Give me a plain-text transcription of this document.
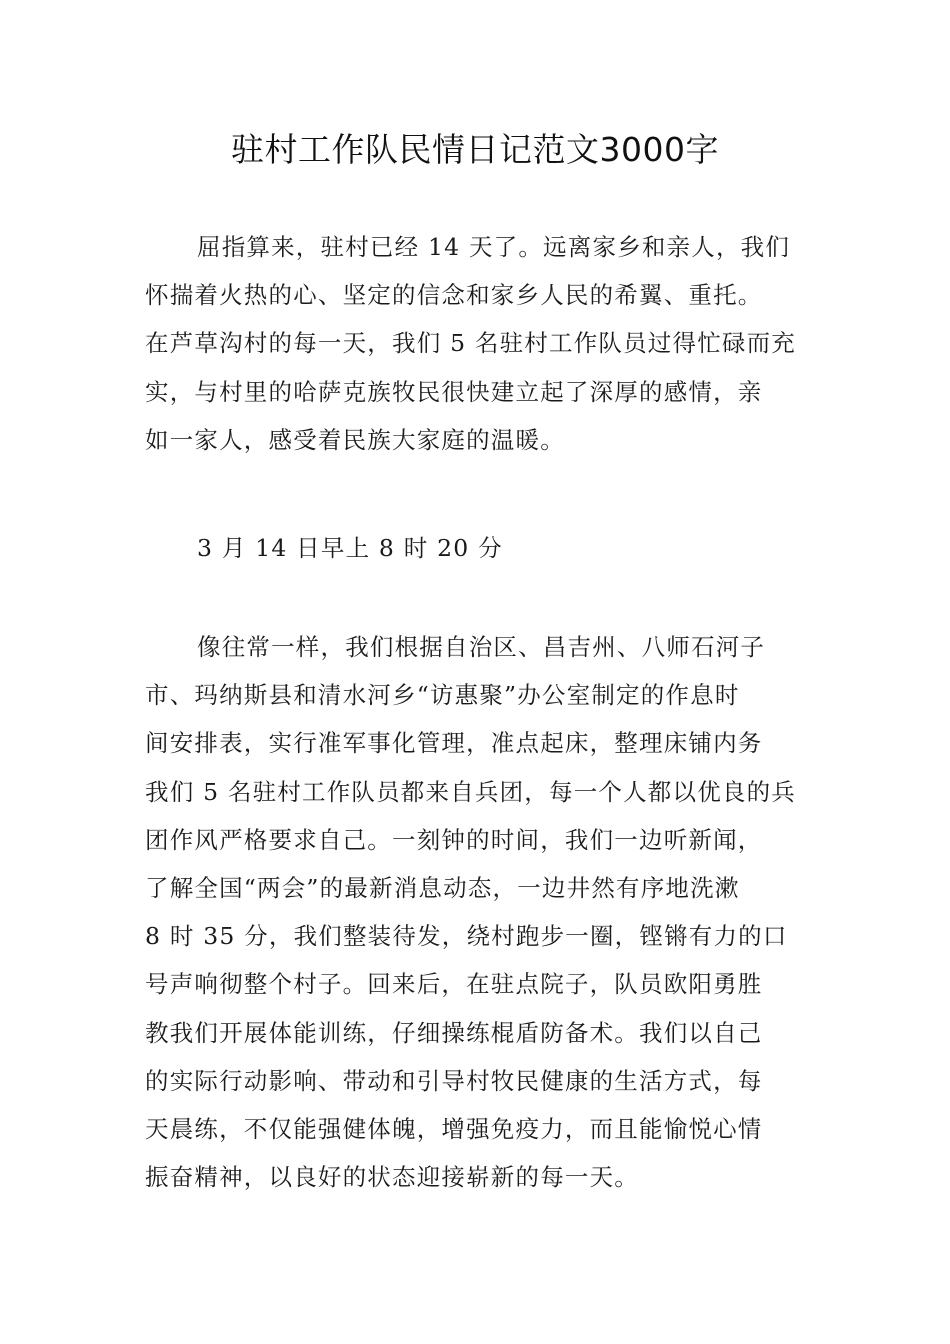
驻村工作队民情日记范文3000字
屈指算来，驻村已经 14 天了。远离家乡和亲人，我们
怀揣着火热的心、坚定的信念和家乡人民的希翼、重托。
在芦草沟村的每一天，我们 5 名驻村工作队员过得忙碌而充
实，与村里的哈萨克族牧民很快建立起了深厚的感情，亲
如一家人，感受着民族大家庭的温暖。
3 月 14 日早上 8 时 20 分
像往常一样，我们根据自治区、昌吉州、八师石河子
市、玛纳斯县和清水河乡“访惠聚”办公室制定的作息时
间安排表，实行准军事化管理，准点起床，整理床铺内务
我们 5 名驻村工作队员都来自兵团，每一个人都以优良的兵
团作风严格要求自己。一刻钟的时间，我们一边听新闻，
了解全国“两会”的最新消息动态，一边井然有序地洗漱
8 时 35 分，我们整装待发，绕村跑步一圈，铿锵有力的口
号声响彻整个村子。回来后，在驻点院子，队员欧阳勇胜
教我们开展体能训练，仔细操练棍盾防备术。我们以自己
的实际行动影响、带动和引导村牧民健康的生活方式，每
天晨练，不仅能强健体魄，增强免疫力，而且能愉悦心情
振奋精神，以良好的状态迎接崭新的每一天。
